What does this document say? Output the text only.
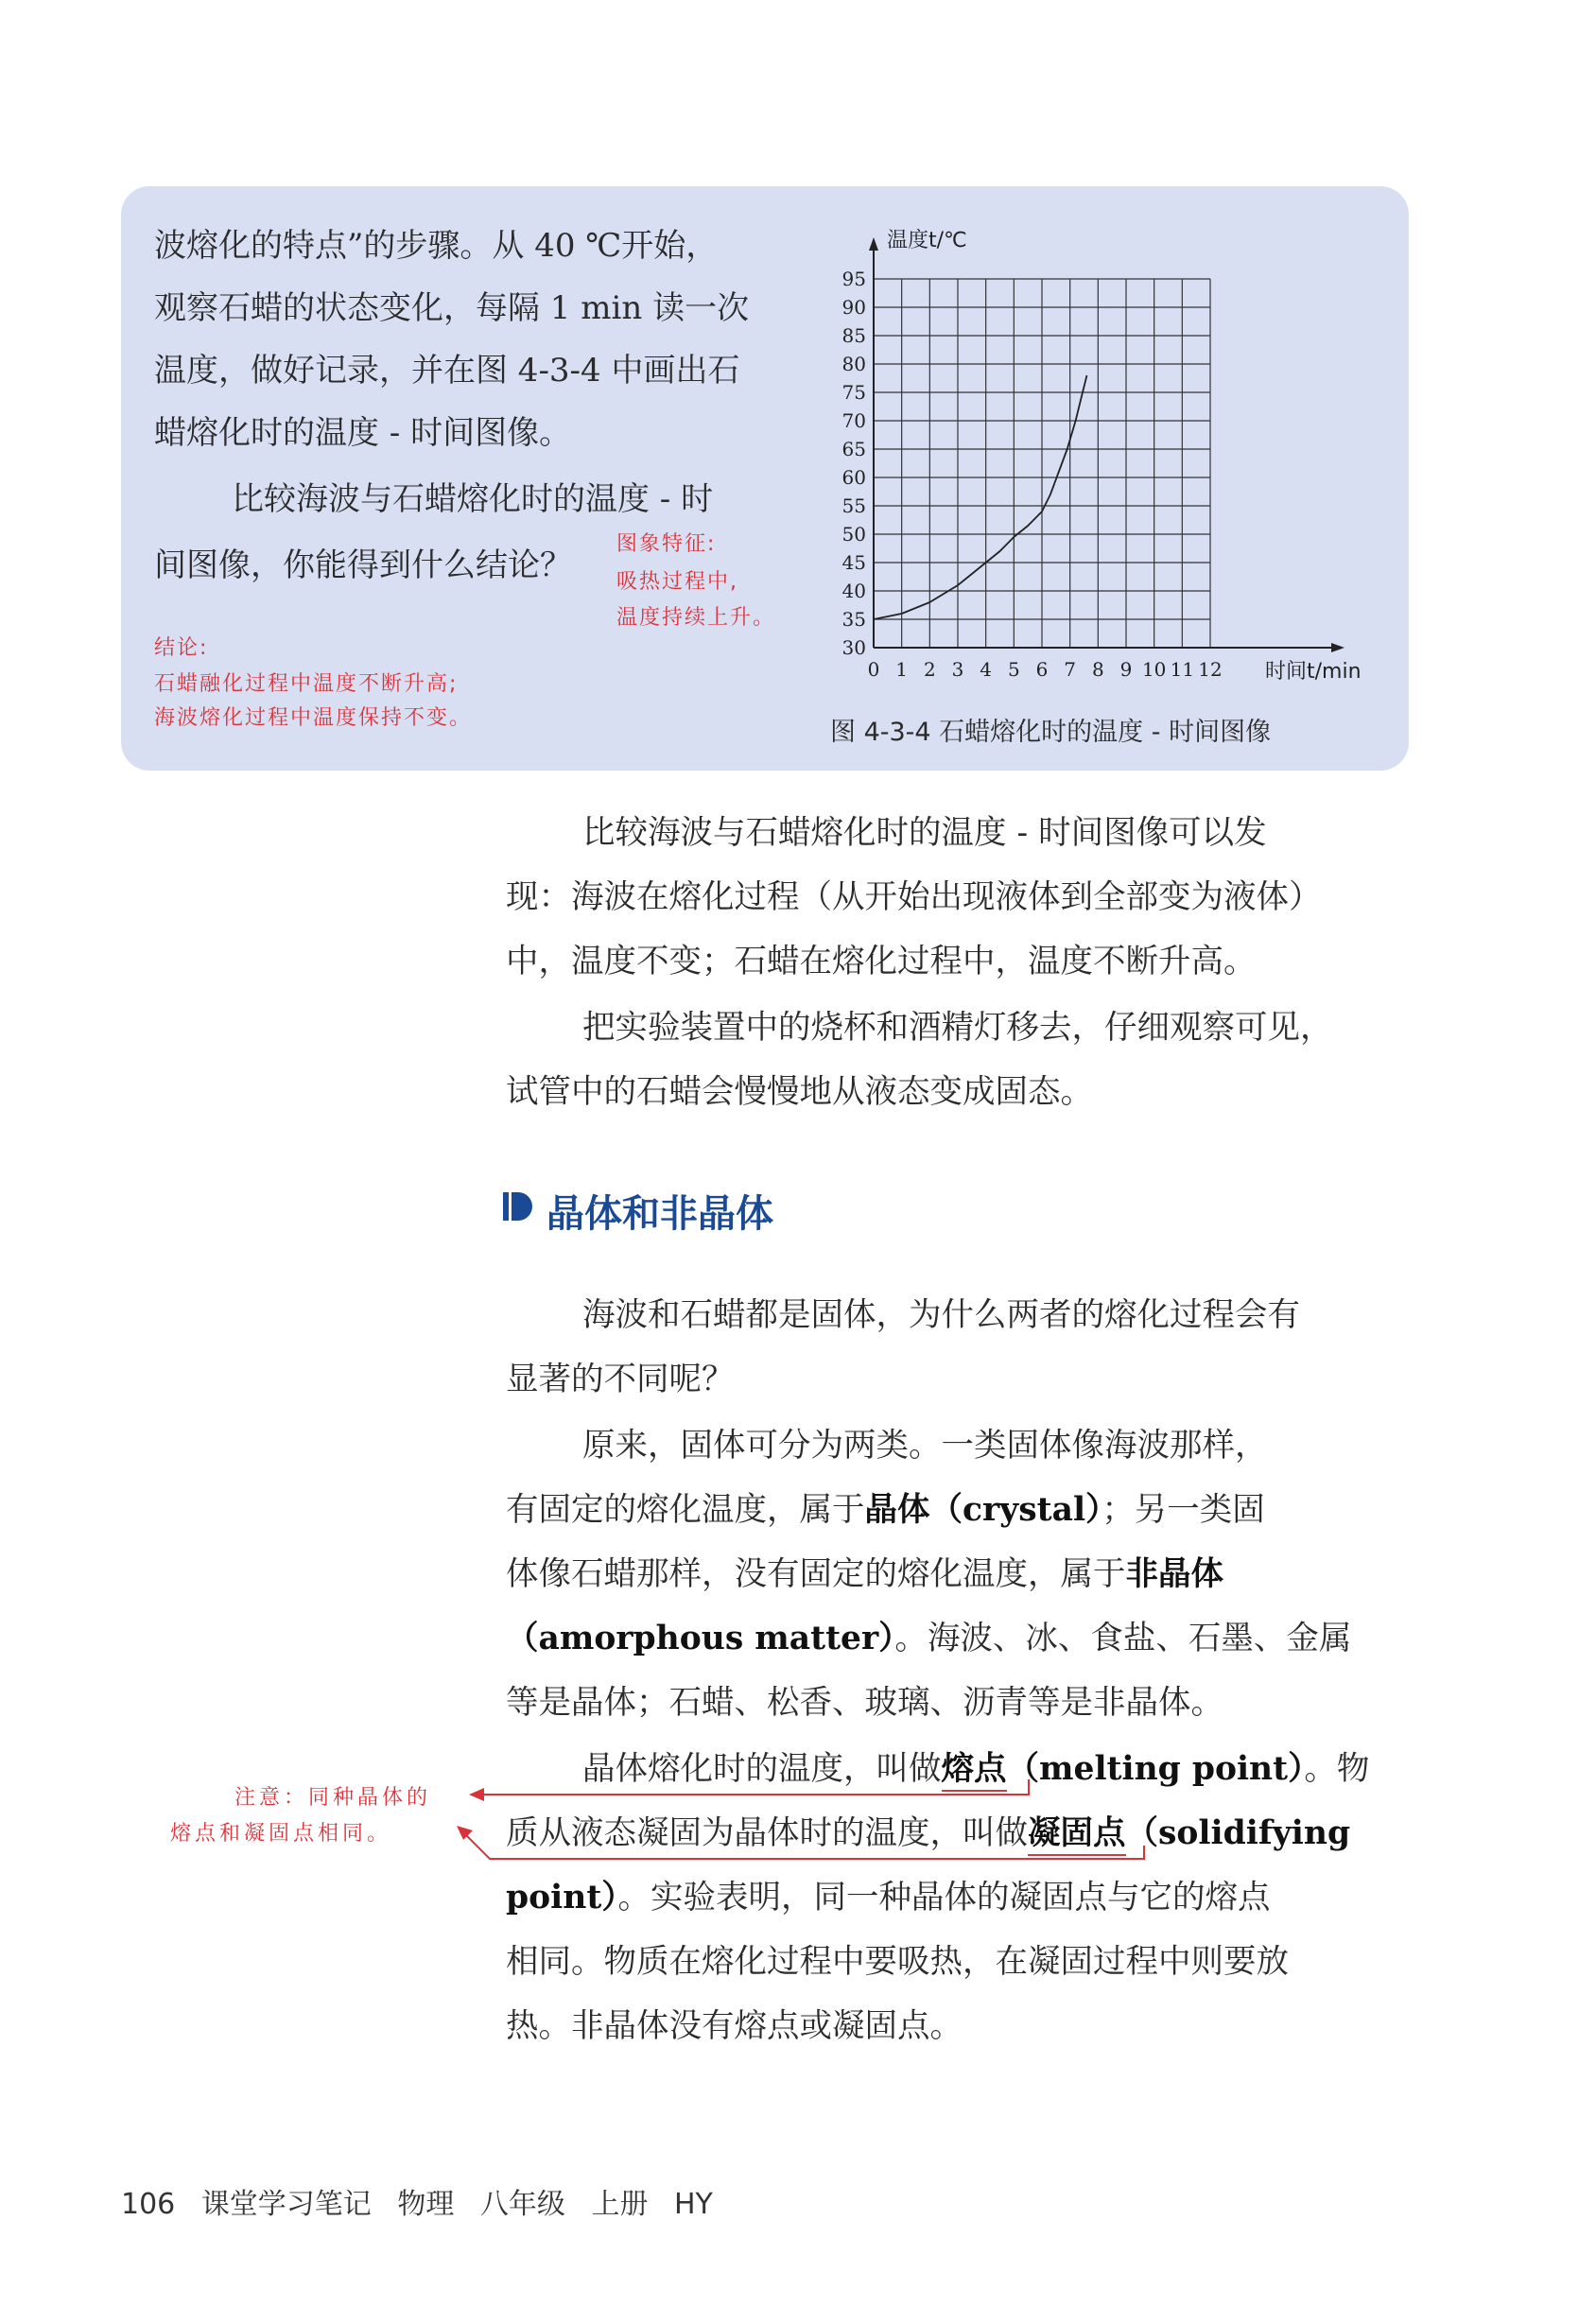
波熔化的特点”的步骤。从 40 ℃开始，

观察石蜡的状态变化，每隔 1 min 读一次

温度，做好记录，并在图 4-3-4 中画出石

蜡熔化时的温度 - 时间图像。

比较海波与石蜡熔化时的温度 - 时

间图像，你能得到什么结论？

图象特征:

吸热过程中,

温度持续上升。

结论:

石蜡融化过程中温度不断升高;

海波熔化过程中温度保持不变。

30
35
40
45
50
55
60
65
70
75
80
85
90
95
0 1 2 3 4 5 6 7 8 9 10 11 12
温度t/℃
时间t/min

图 4-3-4 石蜡熔化时的温度 - 时间图像

比较海波与石蜡熔化时的温度 - 时间图像可以发

现：海波在熔化过程（从开始出现液体到全部变为液体）

中，温度不变；石蜡在熔化过程中，温度不断升高。

把实验装置中的烧杯和酒精灯移去，仔细观察可见，

试管中的石蜡会慢慢地从液态变成固态。

晶体和非晶体

海波和石蜡都是固体，为什么两者的熔化过程会有

显著的不同呢？

原来，固体可分为两类。一类固体像海波那样，

有固定的熔化温度，属于晶体（crystal）；另一类固

体像石蜡那样，没有固定的熔化温度，属于非晶体

（amorphous matter）。海波、冰、食盐、石墨、金属

等是晶体；石蜡、松香、玻璃、沥青等是非晶体。

晶体熔化时的温度，叫做熔点（melting point）。物

质从液态凝固为晶体时的温度，叫做凝固点（solidifying

point）。实验表明，同一种晶体的凝固点与它的熔点

相同。物质在熔化过程中要吸热，在凝固过程中则要放

热。非晶体没有熔点或凝固点。

注意：同种晶体的

熔点和凝固点相同。

106 课堂学习笔记 物理 八年级 上册 HY
